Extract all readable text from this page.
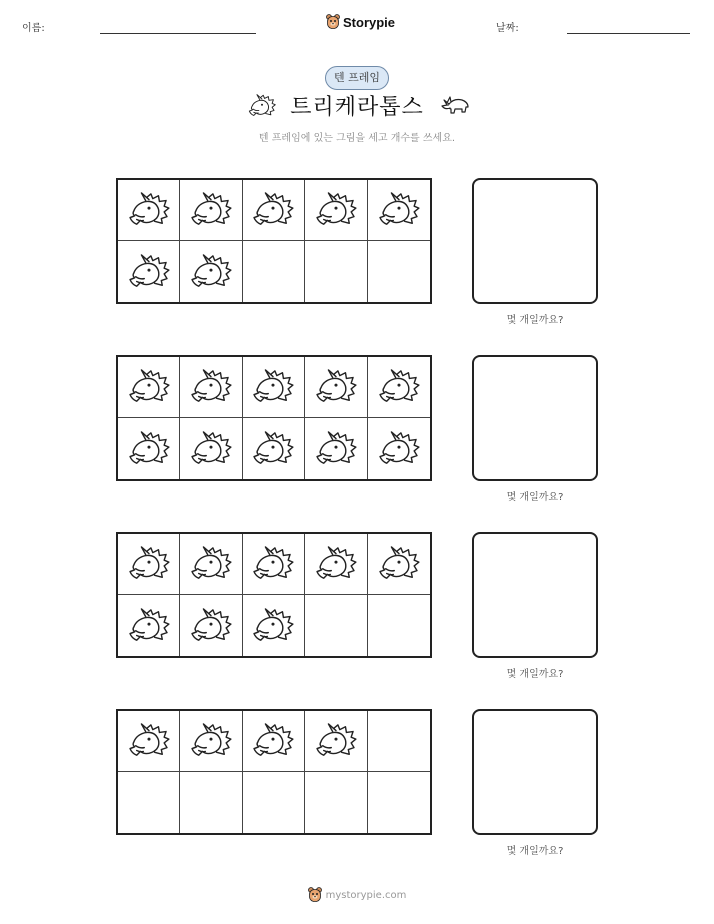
이름:	Storypie	날짜:
텐 프레임
트리케라톱스
텐 프레임에 있는 그림을 세고 개수를 쓰세요.
몇 개일까요?
몇 개일까요?
몇 개일까요?
몇 개일까요?
mystorypie.com
